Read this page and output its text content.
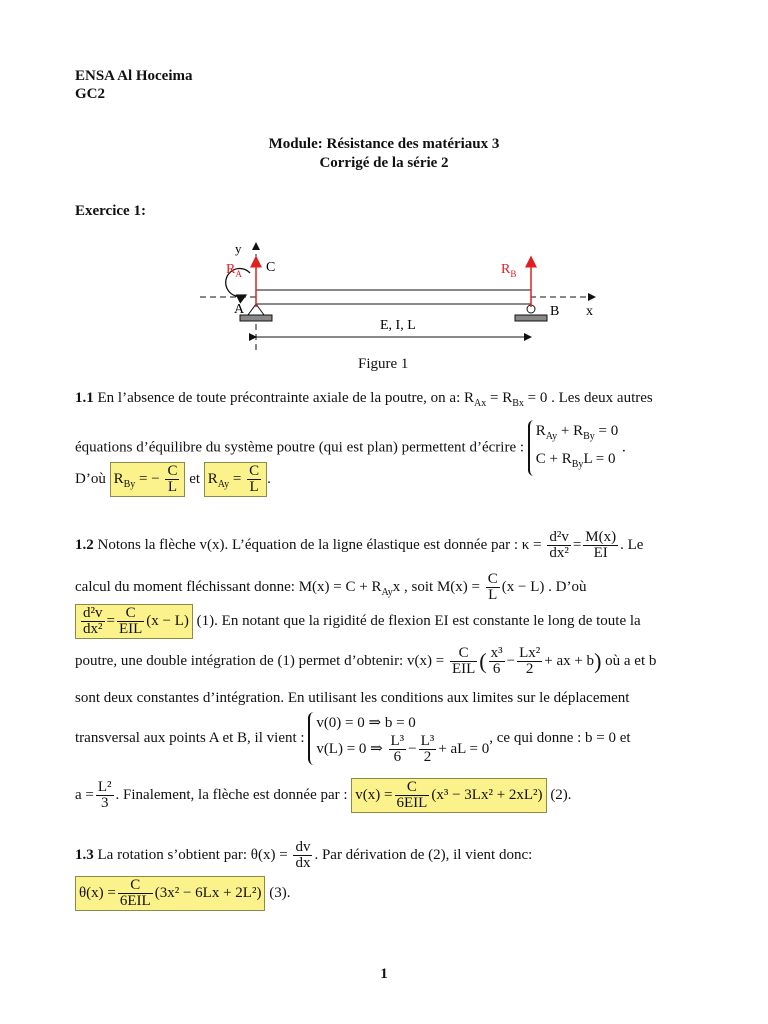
ENSA Al Hoceima
GC2
Module: Résistance des matériaux 3
Corrigé de la série 2
Exercice 1:
y
x
$R_A$ C	$R_B$
A	B
E, I, L
Figure 1
1.1 En l’absence de toute précontrainte axiale de la poutre, on a: $R_{Ax} = R_{Bx} = 0$ . Les deux autres
équations d’équilibre du système poutre (qui est plan) permettent d’écrire :
$R_{Ay} + R_{By} = 0$
$C + R_{By}L = 0$
.
D’où $R_{By}$ = − $\frac{C}{L}$ et $R_{Ay} = \frac{C}{L}$ .
1.2 Notons la flèche v(x). L’équation de la ligne élastique est donnée par : $\kappa = \frac{\text{d²v}}{\text{dx²}} = \frac{M(x)}{EI}$ . Le
calcul du moment fléchissant donne: $M(x) = C + R_{Ay}x$ , soit $M(x) = \frac{C}{L} (x - L)$ . D’où
$\frac{\text{d²v}}{\text{dx²}} = \frac{C}{\text{EIL}} (x - L)$ (1). En notant que la rigidité de flexion EI est constante le long de toute la
poutre, une double intégration de (1) permet d’obtenir: $v(x) = \frac{C}{\text{EIL}}$ ( $\frac{\text{x³}}{6} - \frac{\text{Lx²}}{2}$ + ax + b) où a et b
sont deux constantes d’intégration. En utilisant les conditions aux limites sur le déplacement
transversal aux points A et B, il vient :
v(0) = 0 ⇒ b = 0
v(L) = 0 ⇒ $\frac{\text{L³}}{6} - \frac{\text{L³}}{2}$ + aL = 0
, ce qui donne : b = 0 et
$a = \frac{\text{L²}}{3}$ . Finalement, la flèche est donnée par : $v(x) = \frac{C}{\text{6EIL}} (x^3 - 3Lx^2 + 2xL^2)$ (2).
1.3 La rotation s’obtient par: $\theta(x) = \frac{dv}{dx}$ . Par dérivation de (2), il vient donc:
$\theta(x) = \frac{C}{\text{6EIL}} (3x^2 - 6Lx + 2L^2)$ (3).
1
